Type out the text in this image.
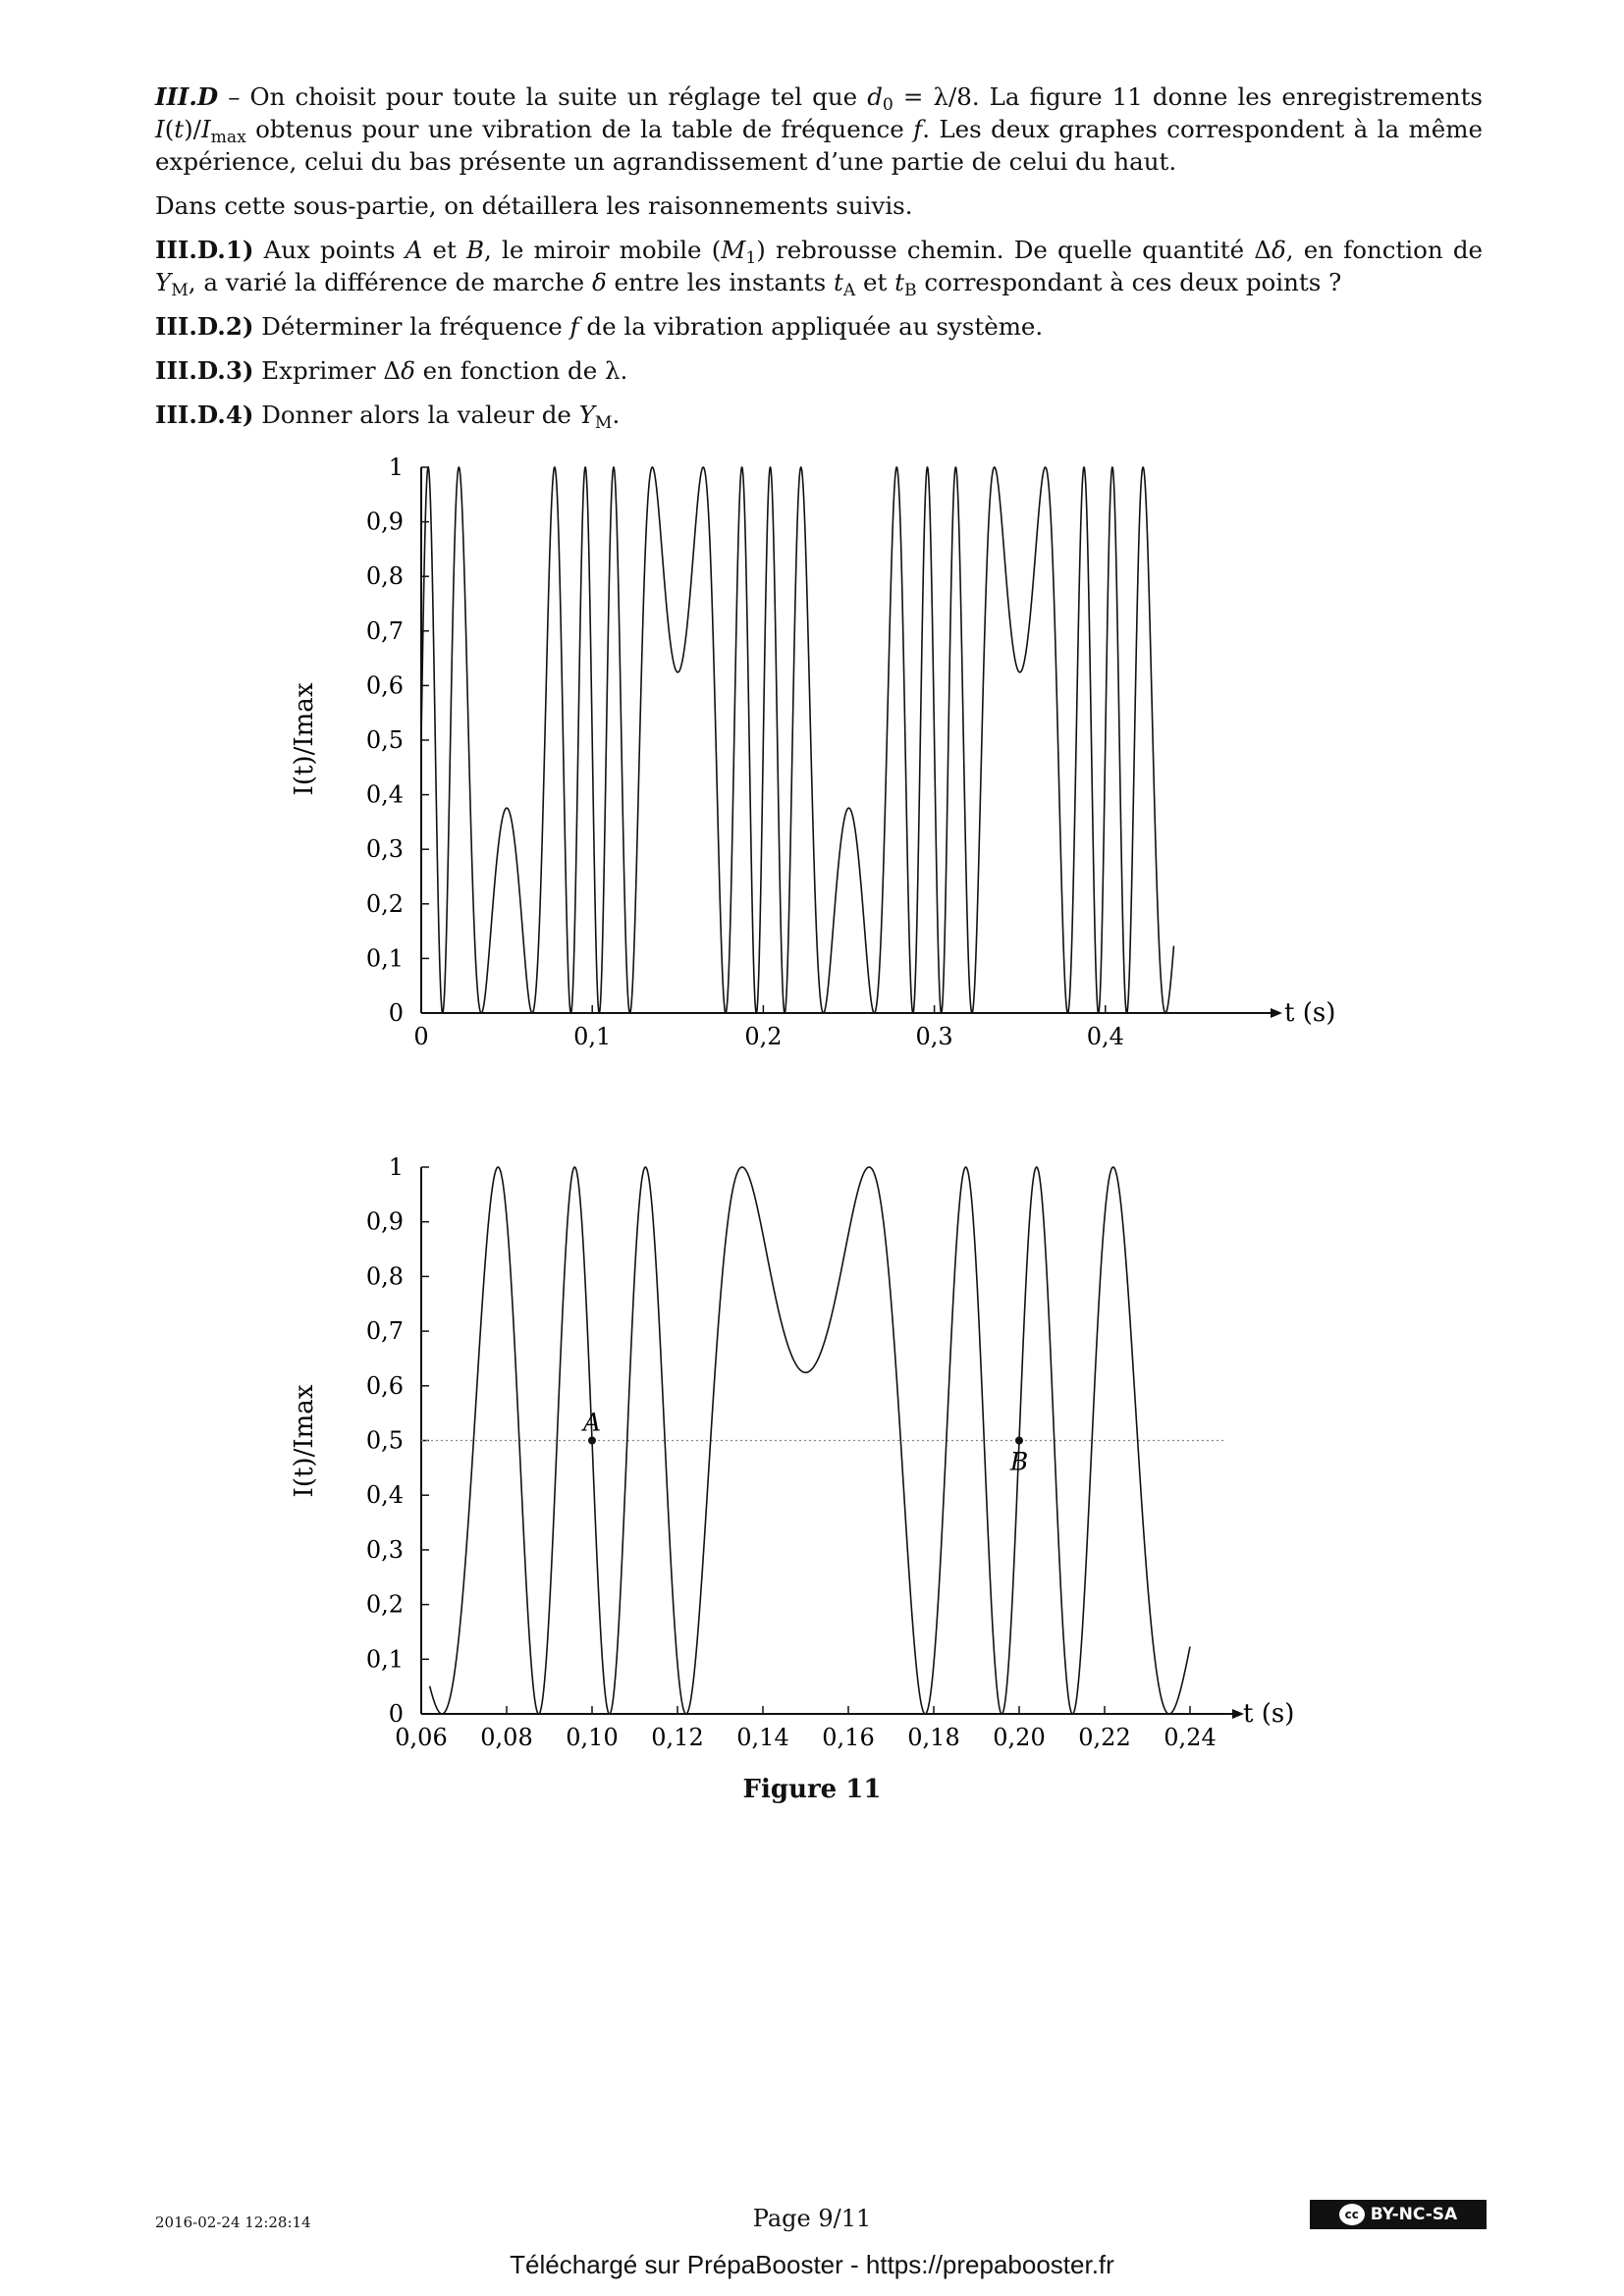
III.D – On choisit pour toute la suite un réglage tel que $d_0 = \lambda/8$. La figure 11 donne les enregistrements $I(t)/I_{max}$ obtenus pour une vibration de la table de fréquence f. Les deux graphes correspondent à la même expérience, celui du bas présente un agrandissement d’une partie de celui du haut.

Dans cette sous-partie, on détaillera les raisonnements suivis.

III.D.1) Aux points A et B, le miroir mobile $(M_1)$ rebrousse chemin. De quelle quantité Δδ, en fonction de $Y_M$, a varié la différence de marche δ entre les instants $t_A$ et $t_B$ correspondant à ces deux points ?

III.D.2) Déterminer la fréquence f de la vibration appliquée au système.

III.D.3) Exprimer Δδ en fonction de λ.

III.D.4) Donner alors la valeur de $Y_M$.

0
0,1
0,2
0,3
0,4
0,5
0,6
0,7
0,8
0,9
1
0	0,1	0,2	0,3	0,4
t (s)
I(t)/Imax
0
0,1
0,2
0,3
0,4
0,5
0,6
0,7
0,8
0,9
1
0,06 0,08 0,10 0,12 0,14 0,16 0,18 0,20 0,22 0,24
t (s)
I(t)/Imax	A
B
Figure 11
2016-02-24 12:28:14	Page 9/11	cc BY-NC-SA
Téléchargé sur PrépaBooster - https://prepabooster.fr
